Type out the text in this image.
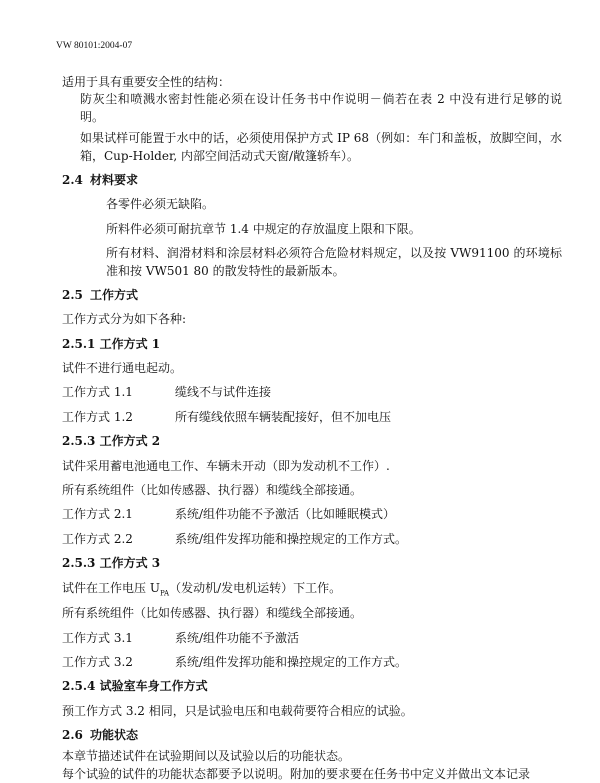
VW 80101:2004-07

适用于具有重要安全性的结构：

防灰尘和喷溅水密封性能必须在设计任务书中作说明－倘若在表 2 中没有进行足够的说明。

如果试样可能置于水中的话，必须使用保护方式 IP 68（例如：车门和盖板，放脚空间，水箱，Cup-Holder, 内部空间活动式天窗/敞篷轿车）。

2.4 材料要求

各零件必须无缺陷。

所料件必须可耐抗章节 1.4 中规定的存放温度上限和下限。

所有材料、润滑材料和涂层材料必须符合危险材料规定，以及按 VW91100 的环境标准和按 VW501 80 的散发特性的最新版本。

2.5 工作方式

工作方式分为如下各种:

2.5.1 工作方式 1

试件不进行通电起动。

工作方式 1.1	缆线不与试件连接
工作方式 1.2	所有缆线依照车辆装配接好，但不加电压
2.5.3 工作方式 2

试件采用蓄电池通电工作、车辆未开动（即为发动机不工作）.

所有系统组件（比如传感器、执行器）和缆线全部接通。

工作方式 2.1	系统/组件功能不予激活（比如睡眠模式）
工作方式 2.2	系统/组件发挥功能和操控规定的工作方式。
2.5.3 工作方式 3

试件在工作电压 $U_{PA}$（发动机/发电机运转）下工作。

所有系统组件（比如传感器、执行器）和缆线全部接通。

工作方式 3.1	系统/组件功能不予激活
工作方式 3.2	系统/组件发挥功能和操控规定的工作方式。
2.5.4 试验室车身工作方式

预工作方式 3.2 相同，只是试验电压和电载荷要符合相应的试验。

2.6 功能状态

本章节描述试件在试验期间以及试验以后的功能状态。

每个试验的试件的功能状态都要予以说明。附加的要求要在任务书中定义并做出文本记录
